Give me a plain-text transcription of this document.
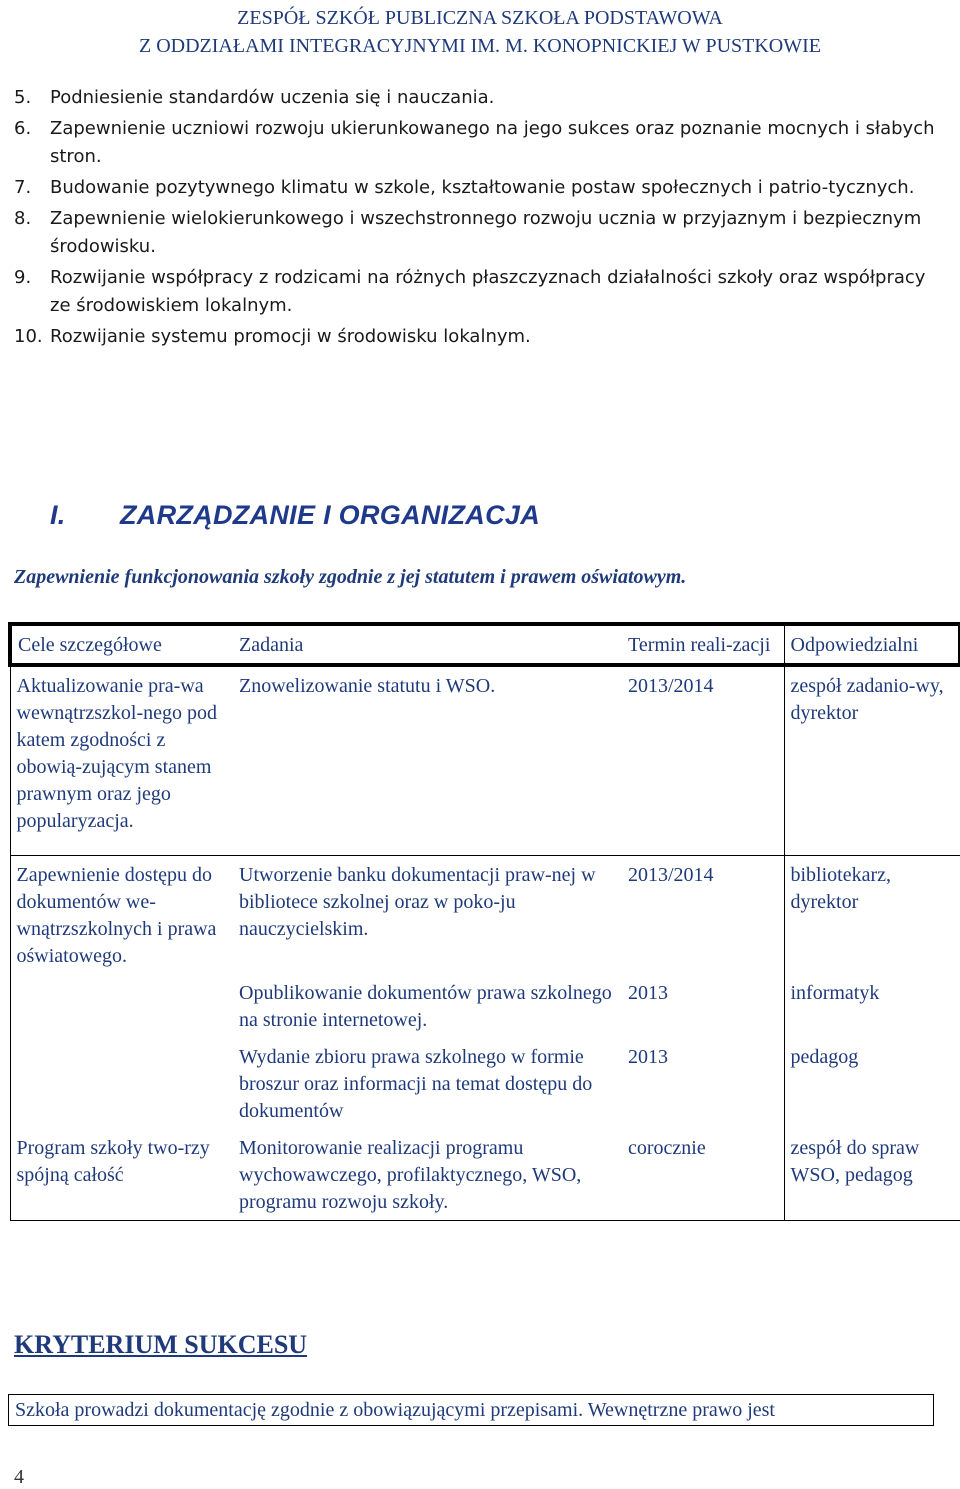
ZESPÓŁ SZKÓŁ PUBLICZNA SZKOŁA PODSTAWOWA
Z ODDZIAŁAMI INTEGRACYJNYMI IM. M. KONOPNICKIEJ W PUSTKOWIE
5. Podniesienie standardów uczenia się i nauczania.
6. Zapewnienie uczniowi rozwoju ukierunkowanego na jego sukces oraz poznanie mocnych i słabych stron.
7. Budowanie pozytywnego klimatu w szkole, kształtowanie postaw społecznych i patrio-tycznych.
8. Zapewnienie wielokierunkowego i wszechstronnego rozwoju ucznia w przyjaznym i bezpiecznym środowisku.
9. Rozwijanie współpracy z rodzicami na różnych płaszczyznach działalności szkoły oraz współpracy ze środowiskiem lokalnym.
10. Rozwijanie systemu promocji w środowisku lokalnym.
I. ZARZĄDZANIE I ORGANIZACJA
Zapewnienie funkcjonowania szkoły zgodnie z jej statutem i prawem oświatowym.
Cele szczegółowe	Zadania	Termin reali-zacji	Odpowiedzialni
Aktualizowanie pra-wa wewnątrzszkol-nego pod katem zgodności z obowią-zującym stanem prawnym oraz jego popularyzacja.	Znowelizowanie statutu i WSO.	2013/2014	zespół zadanio-wy, dyrektor

Zapewnienie dostępu do dokumentów we-wnątrzszkolnych i prawa oświatowego.	Utworzenie banku dokumentacji praw-nej w bibliotece szkolnej oraz w poko-ju nauczycielskim.	2013/2014	bibliotekarz, dyrektor
	Opublikowanie dokumentów prawa szkolnego na stronie internetowej.	2013	informatyk
	Wydanie zbioru prawa szkolnego w formie broszur oraz informacji na temat dostępu do dokumentów	2013	pedagog
Program szkoły two-rzy spójną całość	Monitorowanie realizacji programu wychowawczego, profilaktycznego, WSO, programu rozwoju szkoły.	corocznie	zespół do spraw WSO, pedagog
KRYTERIUM SUKCESU
Szkoła prowadzi dokumentację zgodnie z obowiązującymi przepisami. Wewnętrzne prawo jest
4
